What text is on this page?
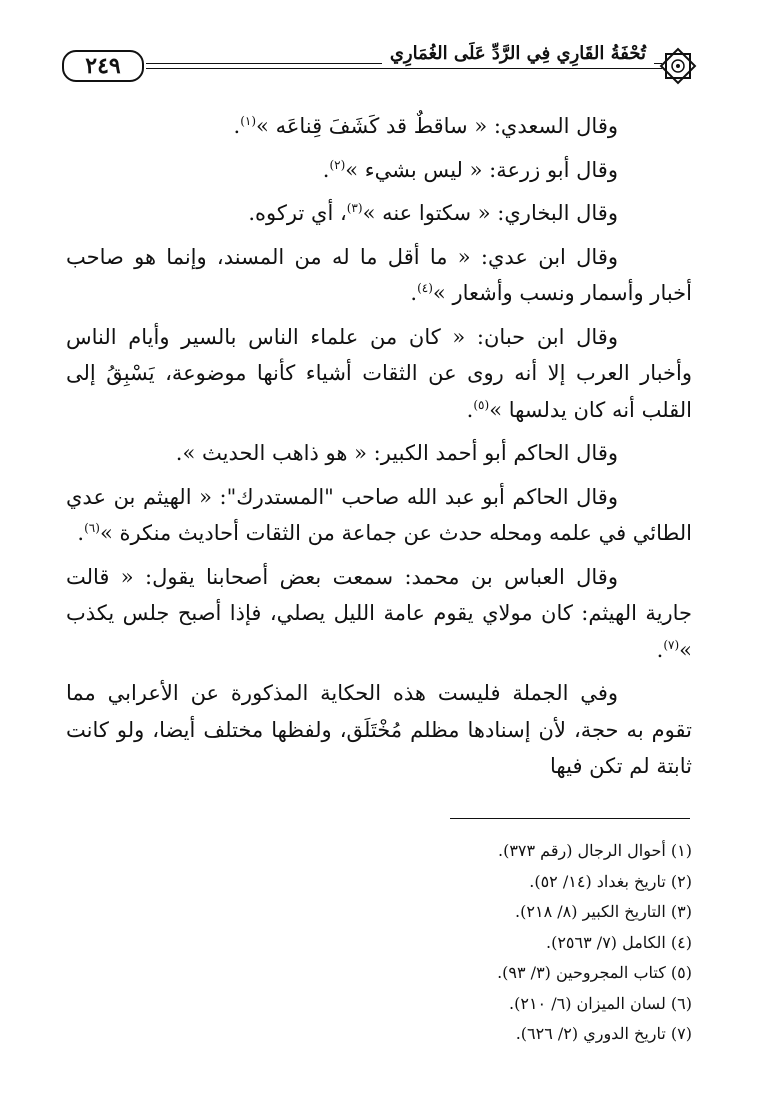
٢٤٩	تُحْفَةُ القَارِي فِي الرَّدِّ عَلَى الغُمَارِي

وقال السعدي: « ساقطٌ قد كَشَفَ قِناعَه »$^{(١)}$.

وقال أبو زرعة: « ليس بشيء »$^{(٢)}$.

وقال البخاري: « سكتوا عنه »$^{(٣)}$، أي تركوه.

وقال ابن عدي: « ما أقل ما له من المسند، وإنما هو صاحب أخبار وأسمار ونسب وأشعار »$^{(٤)}$.

وقال ابن حبان: « كان من علماء الناس بالسير وأيام الناس وأخبار العرب إلا أنه روى عن الثقات أشياء كأنها موضوعة، يَسْبِقُ إلى القلب أنه كان يدلسها »$^{(٥)}$.

وقال الحاكم أبو أحمد الكبير: « هو ذاهب الحديث ».

وقال الحاكم أبو عبد الله صاحب "المستدرك": « الهيثم بن عدي الطائي في علمه ومحله حدث عن جماعة من الثقات أحاديث منكرة »$^{(٦)}$.

وقال العباس بن محمد: سمعت بعض أصحابنا يقول: « قالت جارية الهيثم: كان مولاي يقوم عامة الليل يصلي، فإذا أصبح جلس يكذب »$^{(٧)}$.

وفي الجملة فليست هذه الحكاية المذكورة عن الأعرابي مما تقوم به حجة، لأن إسنادها مظلم مُخْتَلَق، ولفظها مختلف أيضا، ولو كانت ثابتة لم تكن فيها

(١) أحوال الرجال (رقم ٣٧٣).
(٢) تاريخ بغداد (١٤/ ٥٢).
(٣) التاريخ الكبير (٨/ ٢١٨).
(٤) الكامل (٧/ ٢٥٦٣).
(٥) كتاب المجروحين (٣/ ٩٣).
(٦) لسان الميزان (٦/ ٢١٠).
(٧) تاريخ الدوري (٢/ ٦٢٦).
